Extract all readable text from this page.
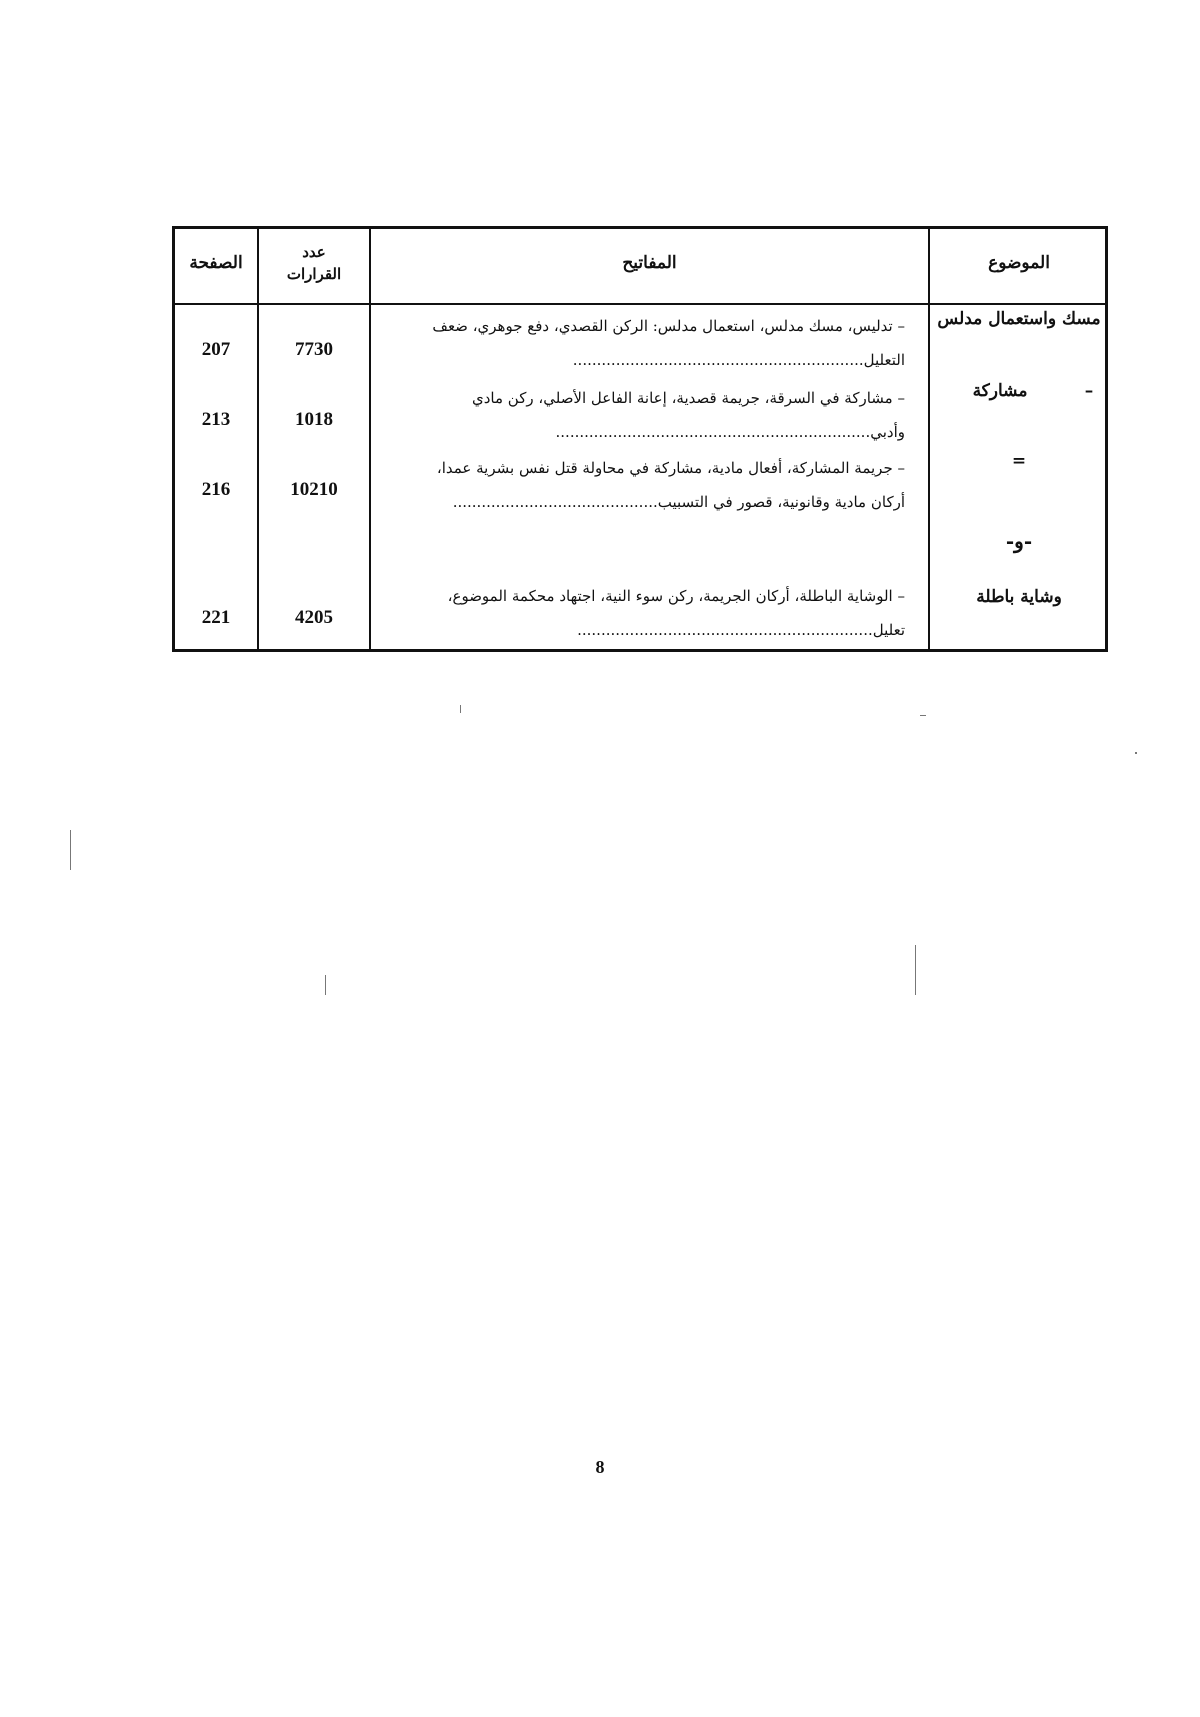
الموضوع
المفاتيح
عدد
القرارات
الصفحة
مسك واستعمال مدلس
– تدليس، مسك مدلس، استعمال مدلس: الركن القصدي، دفع جوهري، ضعف
التعليل.............................................................
7730
207
مشاركة	–
– مشاركة في السرقة، جريمة قصدية، إعانة الفاعل الأصلي، ركن مادي
وأدبي..................................................................
1018
213
=
– جريمة المشاركة، أفعال مادية، مشاركة في محاولة قتل نفس بشرية عمدا،
أركان مادية وقانونية، قصور في التسبيب...........................................
10210
216
-و-
وشاية باطلة
– الوشاية الباطلة، أركان الجريمة، ركن سوء النية، اجتهاد محكمة الموضوع،
تعليل..............................................................
4205
221
8
